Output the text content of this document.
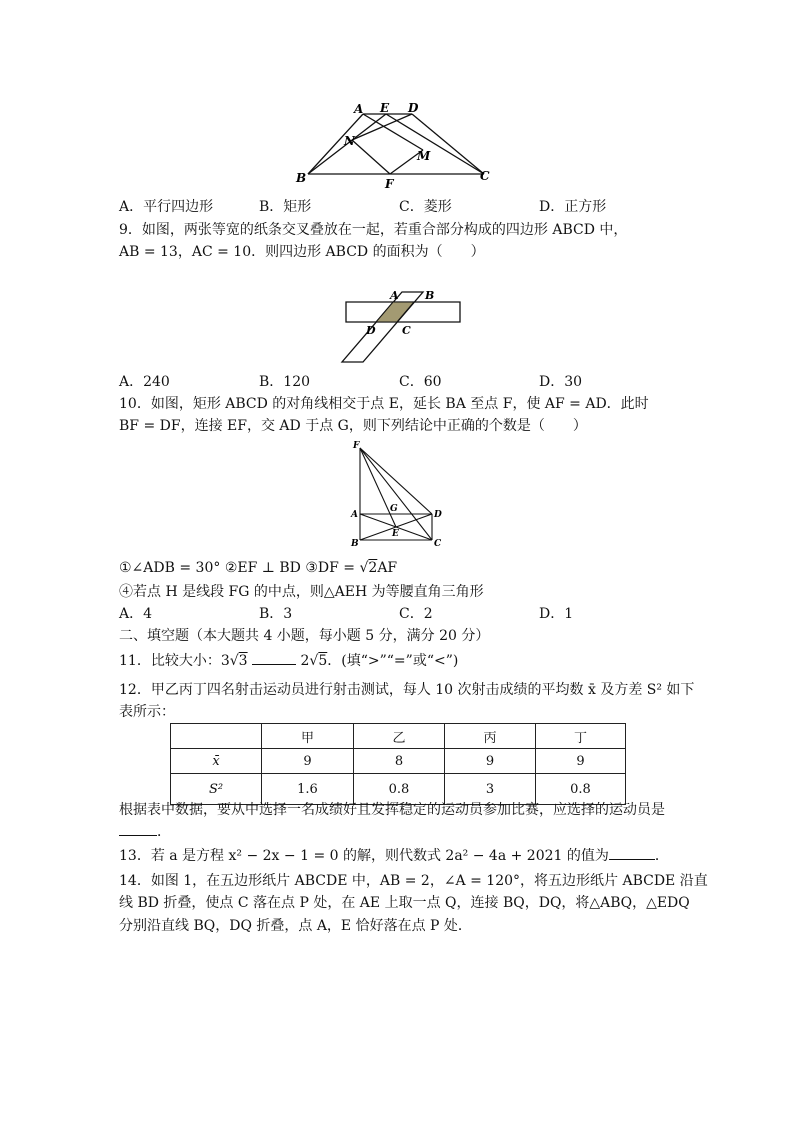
A E D
N
M
B	F
C
A．平行四边形	B．矩形	C．菱形	D．正方形
9．如图，两张等宽的纸条交叉叠放在一起，若重合部分构成的四边形 ABCD 中，
AB = 13，AC = 10．则四边形 ABCD 的面积为（　　）
A B
D C
A．240	B．120	C．60	D．30
10．如图，矩形 ABCD 的对角线相交于点 E，延长 BA 至点 F，使 AF = AD．此时
BF = DF，连接 EF，交 AD 于点 G，则下列结论中正确的个数是（　　）
F
G
A	D
E
B	C
①∠ADB = 30° ②EF ⊥ BD ③DF = √2AF
④若点 H 是线段 FG 的中点，则△AEH 为等腰直角三角形
A．4	B．3	C．2	D．1
二、填空题（本大题共 4 小题，每小题 5 分，满分 20 分）
11．比较大小：3√3	2√5．(填“>”“=”或“<”)
12．甲乙丙丁四名射击运动员进行射击测试，每人 10 次射击成绩的平均数 x̄ 及方差 S² 如下
表所示：
	甲	乙	丙	丁
x̄	9	8	9	9
S²	1.6	0.8	3	0.8
根据表中数据，要从中选择一名成绩好且发挥稳定的运动员参加比赛，应选择的运动员是
．
13．若 a 是方程 x² − 2x − 1 = 0 的解，则代数式 2a² − 4a + 2021 的值为	．
14．如图 1，在五边形纸片 ABCDE 中，AB = 2，∠A = 120°，将五边形纸片 ABCDE 沿直
线 BD 折叠，使点 C 落在点 P 处，在 AE 上取一点 Q，连接 BQ，DQ，将△ABQ，△EDQ
分别沿直线 BQ，DQ 折叠，点 A，E 恰好落在点 P 处．
